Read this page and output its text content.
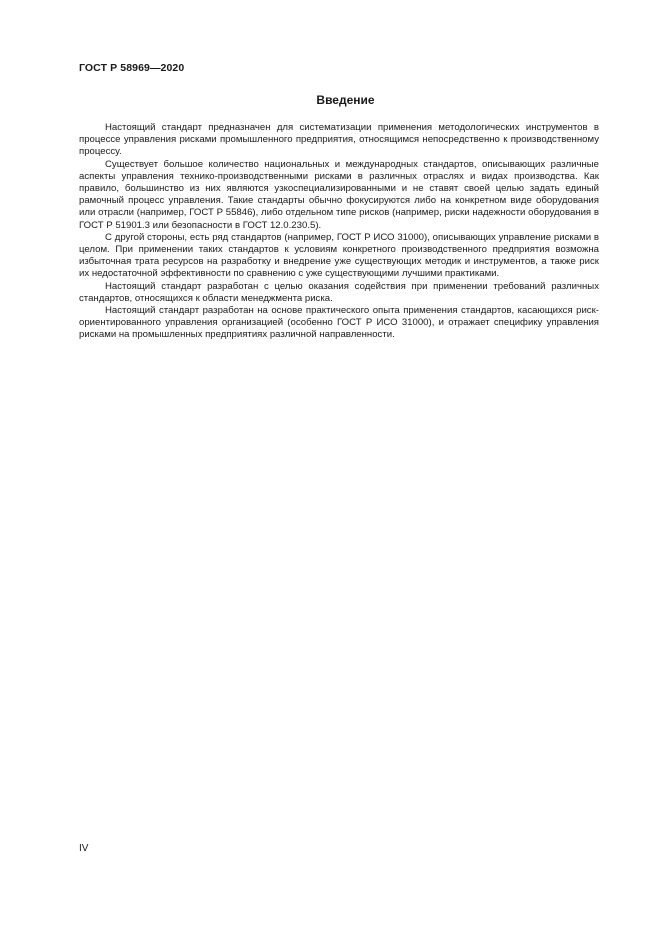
ГОСТ Р 58969—2020
Введение

Настоящий стандарт предназначен для систематизации применения методологических инструментов в процессе управления рисками промышленного предприятия, относящимся непосредственно к производственному процессу.

Существует большое количество национальных и международных стандартов, описывающих различные аспекты управления технико-производственными рисками в различных отраслях и видах производства. Как правило, большинство из них являются узкоспециализированными и не ставят своей целью задать единый рамочный процесс управления. Такие стандарты обычно фокусируются либо на конкретном виде оборудования или отрасли (например, ГОСТ Р 55846), либо отдельном типе рисков (например, риски надежности оборудования в ГОСТ Р 51901.3 или безопасности в ГОСТ 12.0.230.5).

С другой стороны, есть ряд стандартов (например, ГОСТ Р ИСО 31000), описывающих управление рисками в целом. При применении таких стандартов к условиям конкретного производственного предприятия возможна избыточная трата ресурсов на разработку и внедрение уже существующих методик и инструментов, а также риск их недостаточной эффективности по сравнению с уже существующими лучшими практиками.

Настоящий стандарт разработан с целью оказания содействия при применении требований различных стандартов, относящихся к области менеджмента риска.

Настоящий стандарт разработан на основе практического опыта применения стандартов, касающихся риск-ориентированного управления организацией (особенно ГОСТ Р ИСО 31000), и отражает специфику управления рисками на промышленных предприятиях различной направленности.

IV
